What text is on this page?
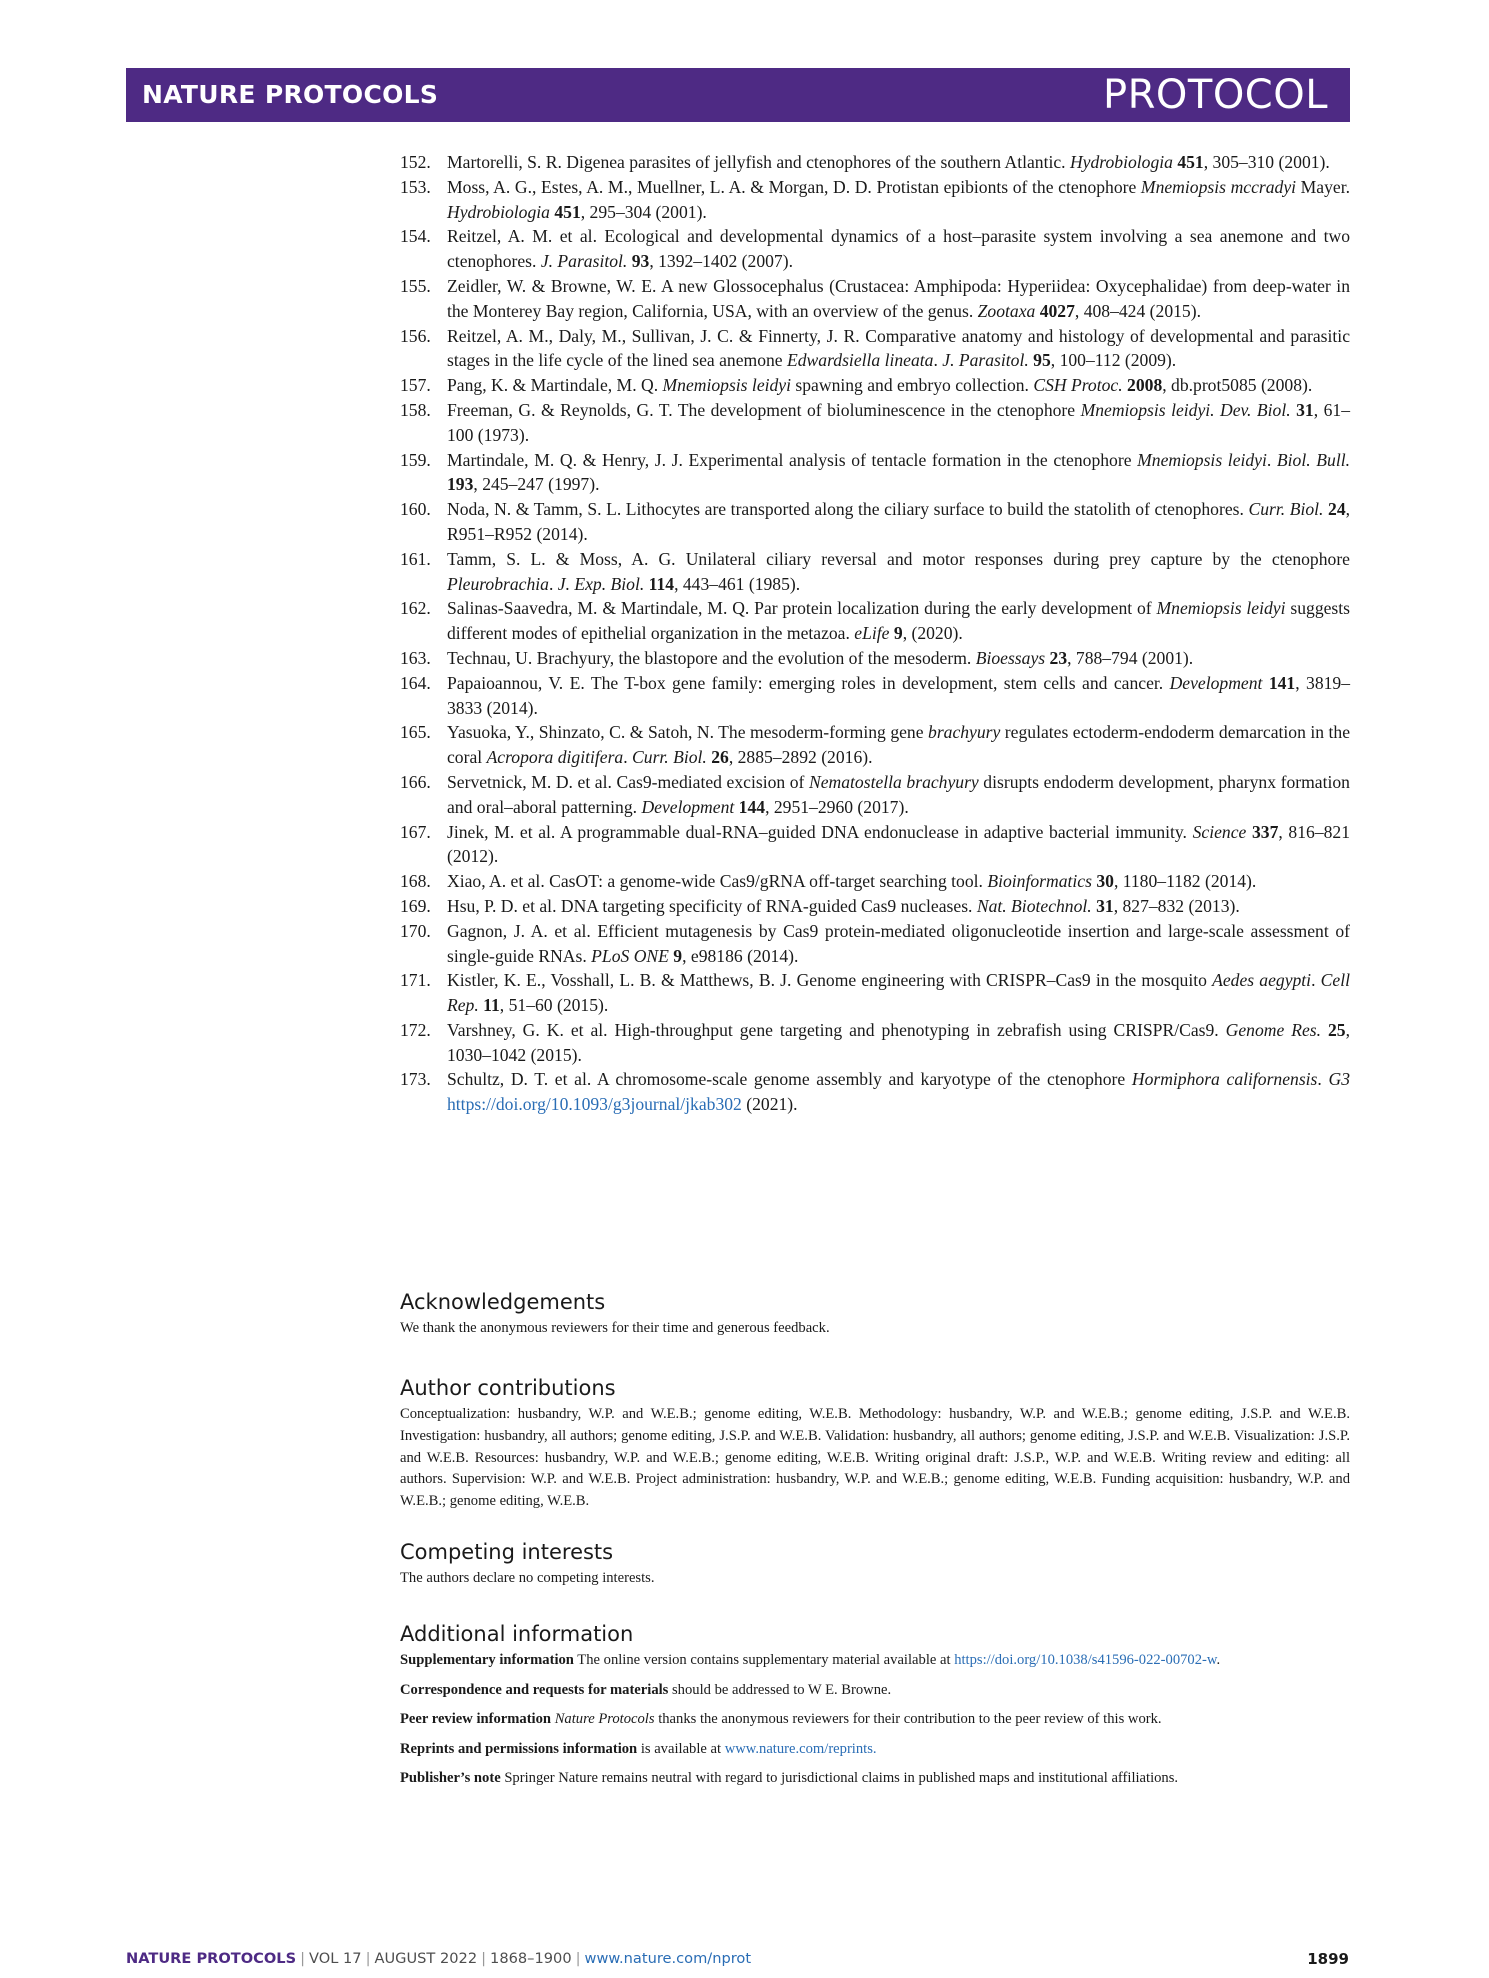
NATURE PROTOCOLS	PROTOCOL
152. Martorelli, S. R. Digenea parasites of jellyfish and ctenophores of the southern Atlantic. Hydrobiologia 451, 305–310 (2001).
153. Moss, A. G., Estes, A. M., Muellner, L. A. & Morgan, D. D. Protistan epibionts of the ctenophore Mnemiopsis mccradyi Mayer. Hydrobiologia 451, 295–304 (2001).
154. Reitzel, A. M. et al. Ecological and developmental dynamics of a host–parasite system involving a sea anemone and two ctenophores. J. Parasitol. 93, 1392–1402 (2007).
155. Zeidler, W. & Browne, W. E. A new Glossocephalus (Crustacea: Amphipoda: Hyperiidea: Oxycephalidae) from deep-water in the Monterey Bay region, California, USA, with an overview of the genus. Zootaxa 4027, 408–424 (2015).
156. Reitzel, A. M., Daly, M., Sullivan, J. C. & Finnerty, J. R. Comparative anatomy and histology of developmental and parasitic stages in the life cycle of the lined sea anemone Edwardsiella lineata. J. Parasitol. 95, 100–112 (2009).
157. Pang, K. & Martindale, M. Q. Mnemiopsis leidyi spawning and embryo collection. CSH Protoc. 2008, db.prot5085 (2008).
158. Freeman, G. & Reynolds, G. T. The development of bioluminescence in the ctenophore Mnemiopsis leidyi. Dev. Biol. 31, 61–100 (1973).
159. Martindale, M. Q. & Henry, J. J. Experimental analysis of tentacle formation in the ctenophore Mnemiopsis leidyi. Biol. Bull. 193, 245–247 (1997).
160. Noda, N. & Tamm, S. L. Lithocytes are transported along the ciliary surface to build the statolith of ctenophores. Curr. Biol. 24, R951–R952 (2014).
161. Tamm, S. L. & Moss, A. G. Unilateral ciliary reversal and motor responses during prey capture by the ctenophore Pleurobrachia. J. Exp. Biol. 114, 443–461 (1985).
162. Salinas-Saavedra, M. & Martindale, M. Q. Par protein localization during the early development of Mnemiopsis leidyi suggests different modes of epithelial organization in the metazoa. eLife 9, (2020).
163. Technau, U. Brachyury, the blastopore and the evolution of the mesoderm. Bioessays 23, 788–794 (2001).
164. Papaioannou, V. E. The T-box gene family: emerging roles in development, stem cells and cancer. Development 141, 3819–3833 (2014).
165. Yasuoka, Y., Shinzato, C. & Satoh, N. The mesoderm-forming gene brachyury regulates ectoderm-endoderm demarcation in the coral Acropora digitifera. Curr. Biol. 26, 2885–2892 (2016).
166. Servetnick, M. D. et al. Cas9-mediated excision of Nematostella brachyury disrupts endoderm development, pharynx formation and oral–aboral patterning. Development 144, 2951–2960 (2017).
167. Jinek, M. et al. A programmable dual-RNA–guided DNA endonuclease in adaptive bacterial immunity. Science 337, 816–821 (2012).
168. Xiao, A. et al. CasOT: a genome-wide Cas9/gRNA off-target searching tool. Bioinformatics 30, 1180–1182 (2014).
169. Hsu, P. D. et al. DNA targeting specificity of RNA-guided Cas9 nucleases. Nat. Biotechnol. 31, 827–832 (2013).
170. Gagnon, J. A. et al. Efficient mutagenesis by Cas9 protein-mediated oligonucleotide insertion and large-scale assessment of single-guide RNAs. PLoS ONE 9, e98186 (2014).
171. Kistler, K. E., Vosshall, L. B. & Matthews, B. J. Genome engineering with CRISPR–Cas9 in the mosquito Aedes aegypti. Cell Rep. 11, 51–60 (2015).
172. Varshney, G. K. et al. High-throughput gene targeting and phenotyping in zebrafish using CRISPR/Cas9. Genome Res. 25, 1030–1042 (2015).
173. Schultz, D. T. et al. A chromosome-scale genome assembly and karyotype of the ctenophore Hormiphora californensis. G3 https://doi.org/10.1093/g3journal/jkab302 (2021).
Acknowledgements

We thank the anonymous reviewers for their time and generous feedback.

Author contributions

Conceptualization: husbandry, W.P. and W.E.B.; genome editing, W.E.B. Methodology: husbandry, W.P. and W.E.B.; genome editing, J.S.P. and W.E.B. Investigation: husbandry, all authors; genome editing, J.S.P. and W.E.B. Validation: husbandry, all authors; genome editing, J.S.P. and W.E.B. Visualization: J.S.P. and W.E.B. Resources: husbandry, W.P. and W.E.B.; genome editing, W.E.B. Writing original draft: J.S.P., W.P. and W.E.B. Writing review and editing: all authors. Supervision: W.P. and W.E.B. Project administration: husbandry, W.P. and W.E.B.; genome editing, W.E.B. Funding acquisition: husbandry, W.P. and W.E.B.; genome editing, W.E.B.

Competing interests

The authors declare no competing interests.

Additional information

Supplementary information The online version contains supplementary material available at https://doi.org/10.1038/s41596-022-00702-w.

Correspondence and requests for materials should be addressed to W E. Browne.

Peer review information Nature Protocols thanks the anonymous reviewers for their contribution to the peer review of this work.

Reprints and permissions information is available at www.nature.com/reprints.

Publisher’s note Springer Nature remains neutral with regard to jurisdictional claims in published maps and institutional affiliations.

NATURE PROTOCOLS | VOL 17 | AUGUST 2022 | 1868–1900 | www.nature.com/nprot	1899
